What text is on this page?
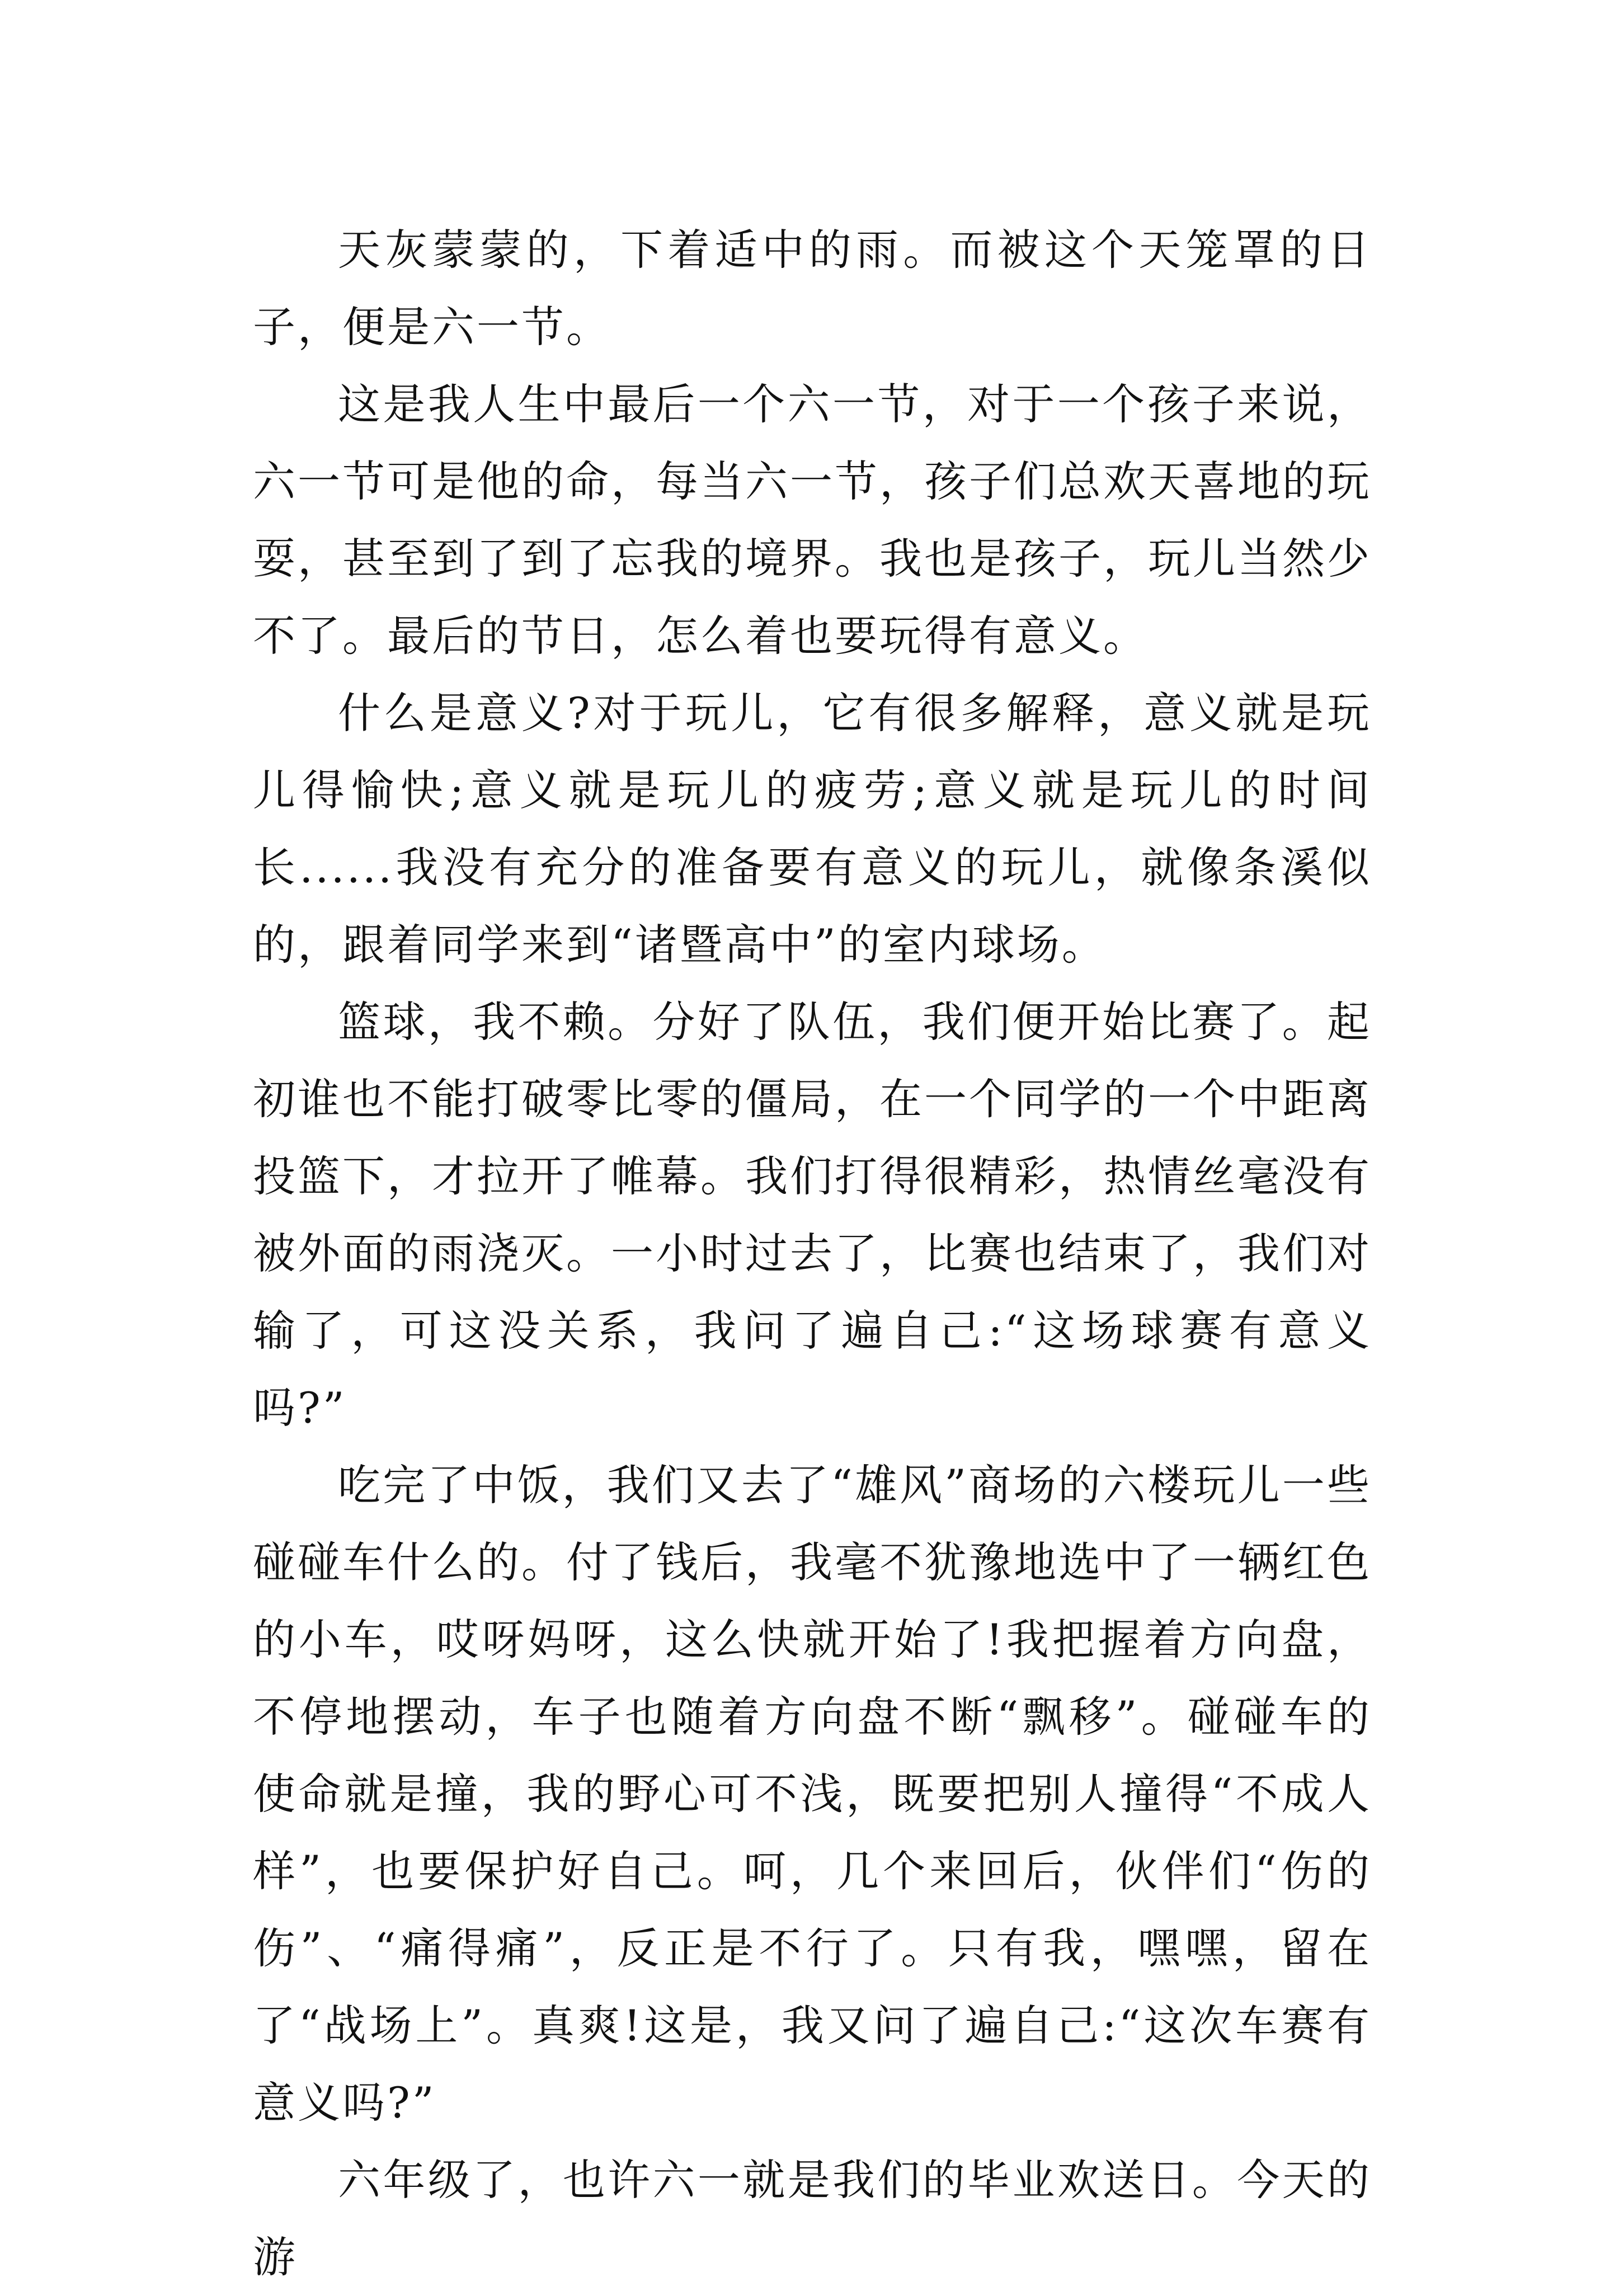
天灰蒙蒙的，下着适中的雨。而被这个天笼罩的日子，便是六一节。

这是我人生中最后一个六一节，对于一个孩子来说，六一节可是他的命，每当六一节，孩子们总欢天喜地的玩耍，甚至到了到了忘我的境界。我也是孩子，玩儿当然少不了。最后的节日，怎么着也要玩得有意义。

什么是意义?对于玩儿，它有很多解释，意义就是玩儿得愉快;意义就是玩儿的疲劳;意义就是玩儿的时间长......我没有充分的准备要有意义的玩儿，就像条溪似的，跟着同学来到“诸暨高中”的室内球场。

篮球，我不赖。分好了队伍，我们便开始比赛了。起初谁也不能打破零比零的僵局，在一个同学的一个中距离投篮下，才拉开了帷幕。我们打得很精彩，热情丝毫没有被外面的雨浇灭。一小时过去了，比赛也结束了，我们对输了，可这没关系，我问了遍自己:“这场球赛有意义吗?”

吃完了中饭，我们又去了“雄风”商场的六楼玩儿一些碰碰车什么的。付了钱后，我毫不犹豫地选中了一辆红色的小车，哎呀妈呀，这么快就开始了!我把握着方向盘，不停地摆动，车子也随着方向盘不断“飘移”。碰碰车的使命就是撞，我的野心可不浅，既要把别人撞得“不成人样”，也要保护好自己。呵，几个来回后，伙伴们“伤的伤”、“痛得痛”，反正是不行了。只有我，嘿嘿，留在了“战场上”。真爽!这是，我又问了遍自己:“这次车赛有意义吗?”

六年级了，也许六一就是我们的毕业欢送日。今天的游
